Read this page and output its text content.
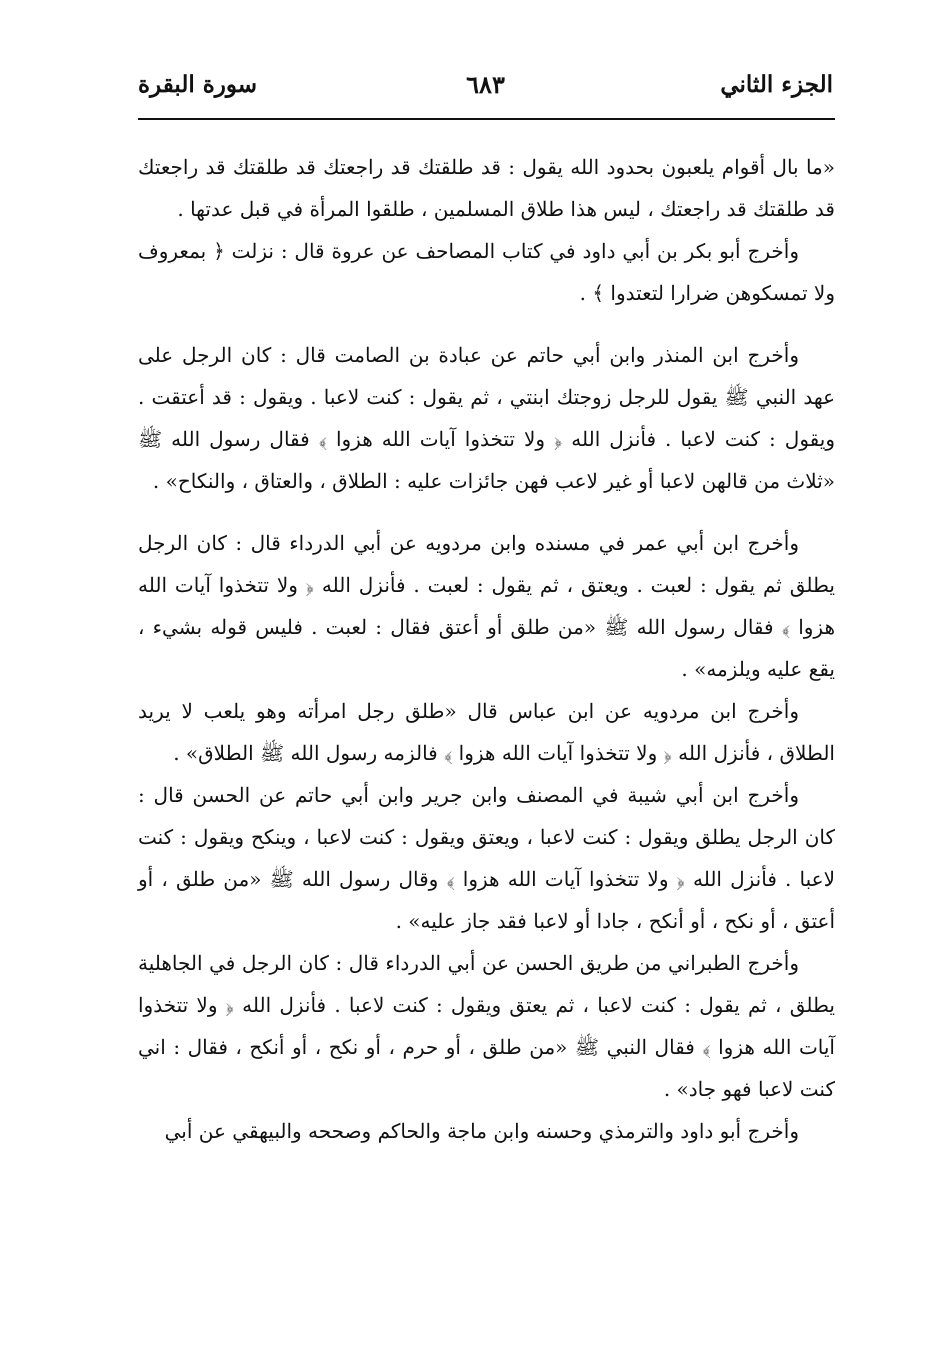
الجزء الثاني
٦٨٣
سورة البقرة

«ما بال أقوام يلعبون بحدود الله يقول : قد طلقتك قد راجعتك قد طلقتك قد راجعتك قد طلقتك قد راجعتك ، ليس هذا طلاق المسلمين ، طلقوا المرأة في قبل عدتها .

وأخرج أبو بكر بن أبي داود في كتاب المصاحف عن عروة قال : نزلت ﴿ بمعروف ولا تمسكوهن ضرارا لتعتدوا ﴾ .

وأخرج ابن المنذر وابن أبي حاتم عن عبادة بن الصامت قال : كان الرجل على عهد النبي ﷺ يقول للرجل زوجتك ابنتي ، ثم يقول : كنت لاعبا . ويقول : قد أعتقت . ويقول : كنت لاعبا . فأنزل الله ﴿ ولا تتخذوا آيات الله هزوا ﴾ فقال رسول الله ﷺ «ثلاث من قالهن لاعبا أو غير لاعب فهن جائزات عليه : الطلاق ، والعتاق ، والنكاح» .

وأخرج ابن أبي عمر في مسنده وابن مردويه عن أبي الدرداء قال : كان الرجل يطلق ثم يقول : لعبت . ويعتق ، ثم يقول : لعبت . فأنزل الله ﴿ ولا تتخذوا آيات الله هزوا ﴾ فقال رسول الله ﷺ «من طلق أو أعتق فقال : لعبت . فليس قوله بشيء ، يقع عليه ويلزمه» .

وأخرج ابن مردويه عن ابن عباس قال «طلق رجل امرأته وهو يلعب لا يريد الطلاق ، فأنزل الله ﴿ ولا تتخذوا آيات الله هزوا ﴾ فالزمه رسول الله ﷺ الطلاق» .

وأخرج ابن أبي شيبة في المصنف وابن جرير وابن أبي حاتم عن الحسن قال : كان الرجل يطلق ويقول : كنت لاعبا ، ويعتق ويقول : كنت لاعبا ، وينكح ويقول : كنت لاعبا . فأنزل الله ﴿ ولا تتخذوا آيات الله هزوا ﴾ وقال رسول الله ﷺ «من طلق ، أو أعتق ، أو نكح ، أو أنكح ، جادا أو لاعبا فقد جاز عليه» .

وأخرج الطبراني من طريق الحسن عن أبي الدرداء قال : كان الرجل في الجاهلية يطلق ، ثم يقول : كنت لاعبا ، ثم يعتق ويقول : كنت لاعبا . فأنزل الله ﴿ ولا تتخذوا آيات الله هزوا ﴾ فقال النبي ﷺ «من طلق ، أو حرم ، أو نكح ، أو أنكح ، فقال : اني كنت لاعبا فهو جاد» .

وأخرج أبو داود والترمذي وحسنه وابن ماجة والحاكم وصححه والبيهقي عن أبي
